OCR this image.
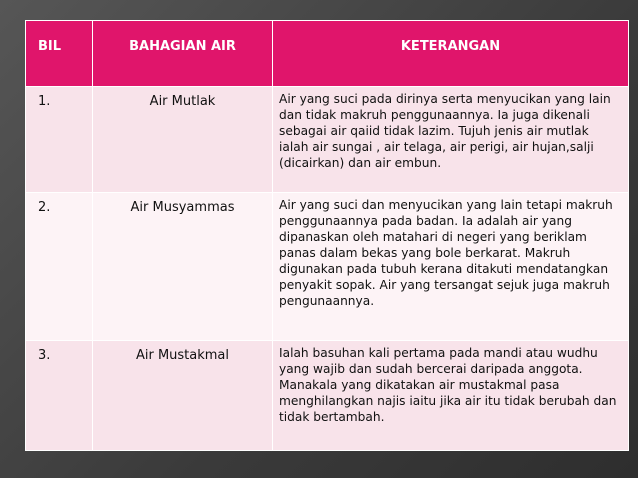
BIL	BAHAGIAN AIR	KETERANGAN
1.	Air Mutlak	Air yang suci pada dirinya serta menyucikan yang lain dan tidak makruh penggunaannya. Ia juga dikenali sebagai air qaiid tidak lazim. Tujuh jenis air mutlak ialah air sungai , air telaga, air perigi, air hujan,salji (dicairkan) dan air embun.
2.	Air Musyammas	Air yang suci dan menyucikan yang lain tetapi makruh penggunaannya pada badan. Ia adalah air yang dipanaskan oleh matahari di negeri yang beriklam panas dalam bekas yang bole berkarat. Makruh digunakan pada tubuh kerana ditakuti mendatangkan penyakit sopak. Air yang tersangat sejuk juga makruh pengunaannya.
3.	Air Mustakmal	Ialah basuhan kali pertama pada mandi atau wudhu yang wajib dan sudah bercerai daripada anggota. Manakala yang dikatakan air mustakmal pasa menghilangkan najis iaitu jika air itu tidak berubah dan tidak bertambah.
